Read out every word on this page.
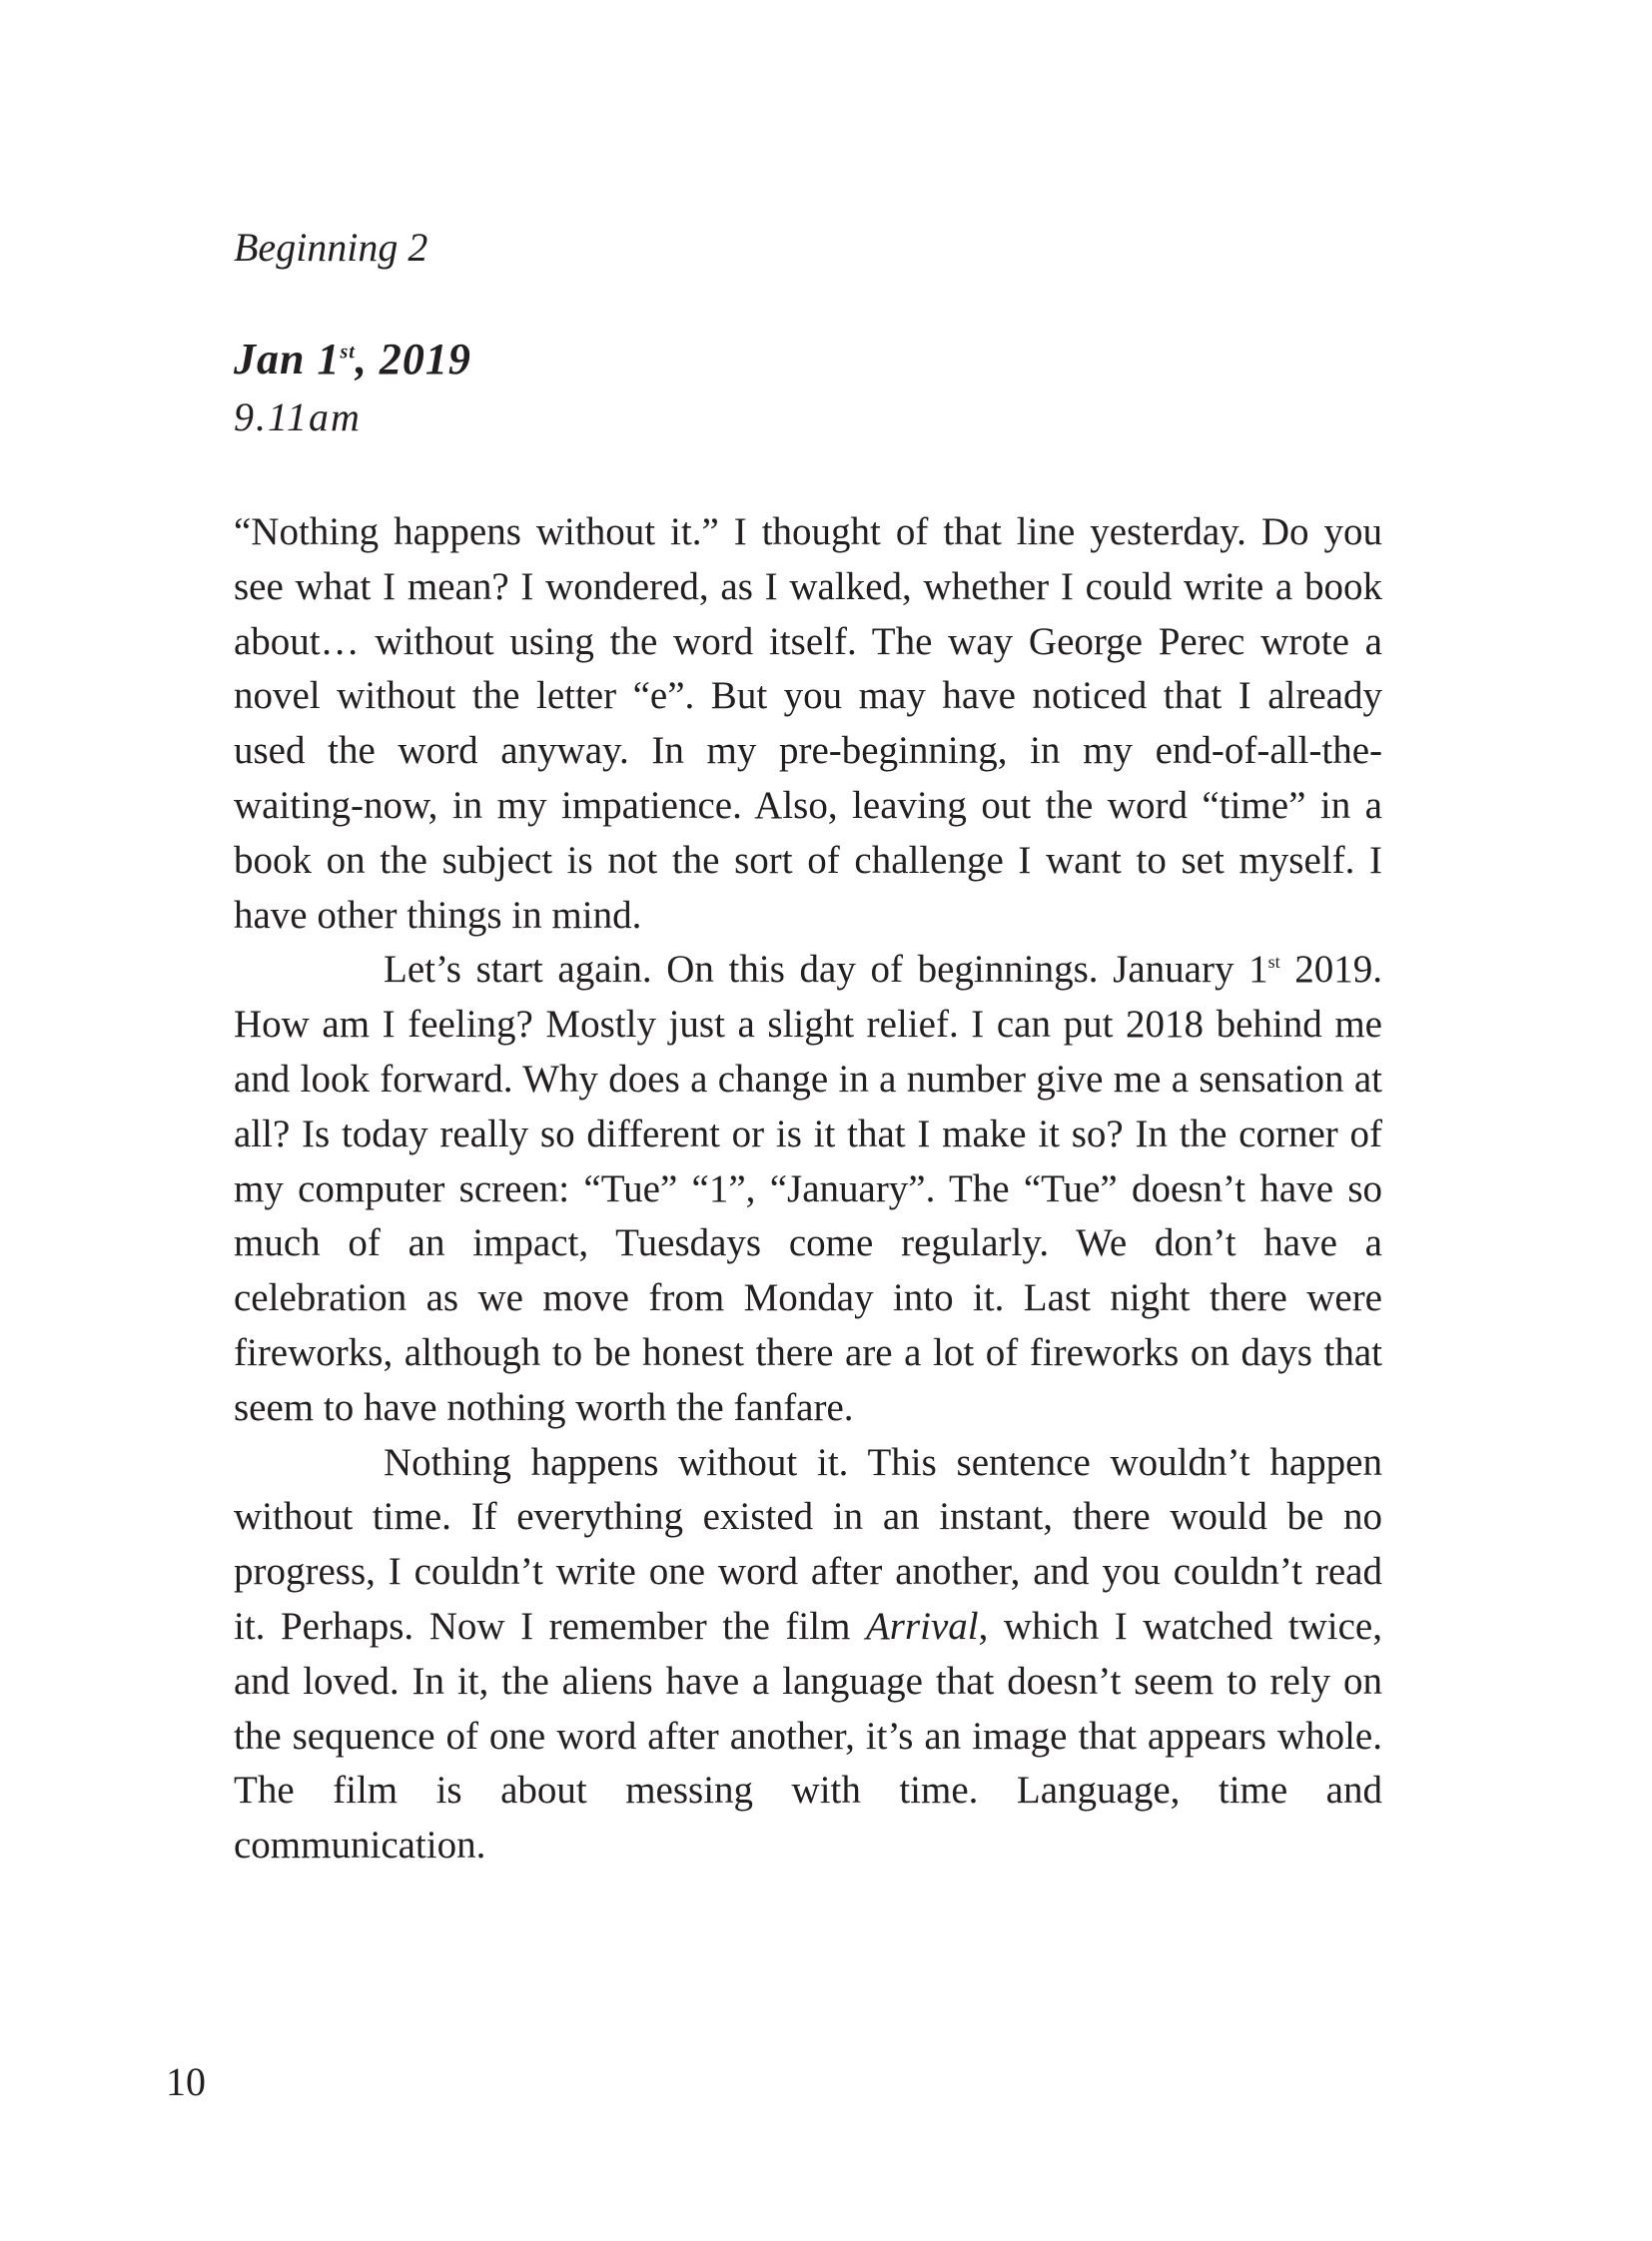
Beginning 2
Jan 1st, 2019
9.11am

“Nothing happens without it.” I thought of that line yesterday. Do you see what I mean? I wondered, as I walked, whether I could write a book about… without using the word itself. The way George Perec wrote a novel without the letter “e”. But you may have noticed that I already used the word anyway. In my pre-beginning, in my end-of-all-the-waiting-now, in my impatience. Also, leaving out the word “time” in a book on the subject is not the sort of challenge I want to set myself. I have other things in mind.

Let’s start again. On this day of beginnings. January 1st 2019. How am I feeling? Mostly just a slight relief. I can put 2018 behind me and look forward. Why does a change in a number give me a sensation at all? Is today really so different or is it that I make it so? In the corner of my computer screen: “Tue” “1”, “January”. The “Tue” doesn’t have so much of an impact, Tuesdays come regularly. We don’t have a celebration as we move from Monday into it. Last night there were fireworks, although to be honest there are a lot of fireworks on days that seem to have nothing worth the fanfare.

Nothing happens without it. This sentence wouldn’t happen without time. If everything existed in an instant, there would be no progress, I couldn’t write one word after another, and you couldn’t read it. Perhaps. Now I remember the film Arrival, which I watched twice, and loved. In it, the aliens have a language that doesn’t seem to rely on the sequence of one word after another, it’s an image that appears whole. The film is about messing with time. Language, time and communication.

10
